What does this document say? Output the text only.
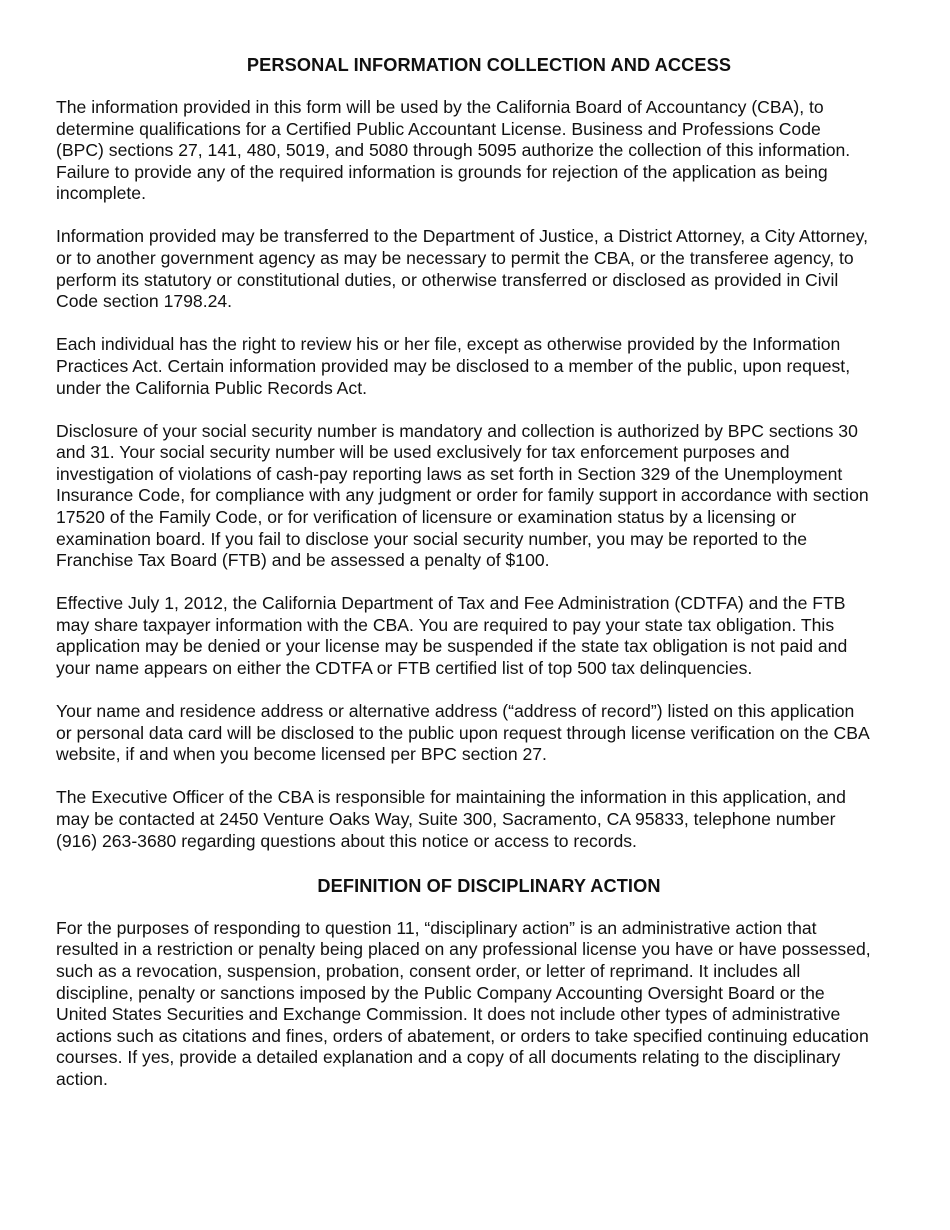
PERSONAL INFORMATION COLLECTION AND ACCESS

The information provided in this form will be used by the California Board of Accountancy (CBA), to
determine qualifications for a Certified Public Accountant License. Business and Professions Code
(BPC) sections 27, 141, 480, 5019, and 5080 through 5095 authorize the collection of this information.
Failure to provide any of the required information is grounds for rejection of the application as being
incomplete.

Information provided may be transferred to the Department of Justice, a District Attorney, a City Attorney,
or to another government agency as may be necessary to permit the CBA, or the transferee agency, to
perform its statutory or constitutional duties, or otherwise transferred or disclosed as provided in Civil
Code section 1798.24.

Each individual has the right to review his or her file, except as otherwise provided by the Information
Practices Act. Certain information provided may be disclosed to a member of the public, upon request,
under the California Public Records Act.

Disclosure of your social security number is mandatory and collection is authorized by BPC sections 30
and 31. Your social security number will be used exclusively for tax enforcement purposes and
investigation of violations of cash-pay reporting laws as set forth in Section 329 of the Unemployment
Insurance Code, for compliance with any judgment or order for family support in accordance with section
17520 of the Family Code, or for verification of licensure or examination status by a licensing or
examination board. If you fail to disclose your social security number, you may be reported to the
Franchise Tax Board (FTB) and be assessed a penalty of $100.

Effective July 1, 2012, the California Department of Tax and Fee Administration (CDTFA) and the FTB
may share taxpayer information with the CBA. You are required to pay your state tax obligation. This
application may be denied or your license may be suspended if the state tax obligation is not paid and
your name appears on either the CDTFA or FTB certified list of top 500 tax delinquencies.

Your name and residence address or alternative address (“address of record”) listed on this application
or personal data card will be disclosed to the public upon request through license verification on the CBA
website, if and when you become licensed per BPC section 27.

The Executive Officer of the CBA is responsible for maintaining the information in this application, and
may be contacted at 2450 Venture Oaks Way, Suite 300, Sacramento, CA 95833, telephone number
(916) 263-3680 regarding questions about this notice or access to records.

DEFINITION OF DISCIPLINARY ACTION

For the purposes of responding to question 11, “disciplinary action” is an administrative action that
resulted in a restriction or penalty being placed on any professional license you have or have possessed,
such as a revocation, suspension, probation, consent order, or letter of reprimand. It includes all
discipline, penalty or sanctions imposed by the Public Company Accounting Oversight Board or the
United States Securities and Exchange Commission. It does not include other types of administrative
actions such as citations and fines, orders of abatement, or orders to take specified continuing education
courses. If yes, provide a detailed explanation and a copy of all documents relating to the disciplinary
action.
